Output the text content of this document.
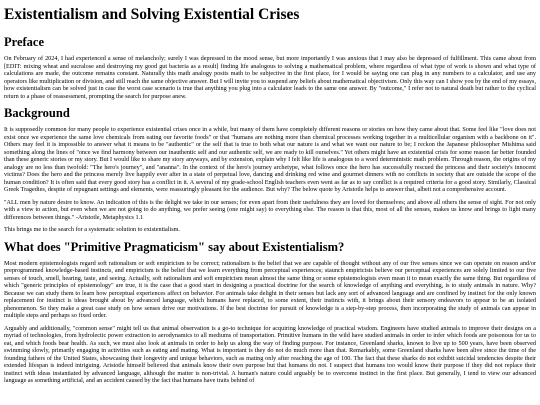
Existentialism and Solving Existential Crises
Preface

On February of 2024, I had experienced a sense of melancholy; surely I was depressed in the mood sense, but more importantly I was anxious that I may also be depressed of fulfillment. This came about from [EDIT: mixing wheat and sucralose and destroying my good gut bacteria as a result] finding life analogous to solving a mathematical problem, where regardless of what type of work is shown and what type of calculations are made, the outcome remains constant. Naturally this math analogy posits math to be subjective in the first place, for I would be saying one can plug in any numbers to a calculator, and use any operators like multiplication or division, and still reach the same objective answer. But I will invite you to suspend any beliefs about mathematical objectivism. Only this way can I show you by the end of my essays, how existentialism can be solved just in case the worst case scenario is true that anything you plug into a calculator leads to the same one answer. By "outcome," I refer not to natural death but rather to the cyclical return to a phase of reassessment, prompting the search for purpose anew.

Background

It is supposedly common for many people to experience existential crises once in a while, but many of them have completely different reasons or stories on how they came about that. Some feel like "love does not exist once we experience the same love chemicals from eating our favorite foods" or that "humans are nothing more than chemical processes working together in a multicellular organism with a backbone on it". Others may feel it is impossible to answer what it means to be "authentic" or the self that is true to both what our nature is and what we want our nature to be; I reckon the Japanese philosopher Mishima said something along the lines of "once we find harmony between our inauthentic self and our authentic self, we are ready to kill ourselves." Yet others might have an existential crisis for some reason far better founded than these generic stories or my story. But I would like to share my story anyways, and by extension, explain why I felt like life is analogous to a word deterministic math problem. Through reason, the origins of my analogy are no less than twofold: "The hero's journey", and "ananna". In the context of the hero's journey archetype, what follows once the hero has successfully rescued the princess and their society's innocent victims? Does the hero and the princess merely live happily ever after in a state of perpetual love, dancing and drinking red wine and gourmet dinners with no conflicts in society that are outside the scope of the human condition? It is often said that every good story has a conflict in it. A several of my grade-school English teachers even went as far as to say conflict is a required criteria for a good story. Similarly, Classical Greek Tragedies, despite of repugnant settings and elements, were reassuringly pleasant for the audience. But why? The below quote by Aristotle helps to answer that, albeit not a comprehensive account.

"ALL men by nature desire to know. An indication of this is the delight we take in our senses; for even apart from their usefulness they are loved for themselves; and above all others the sense of sight. For not only with a view to action, but even when we are not going to do anything, we prefer seeing (one might say) to everything else. The reason is that this, most of all the senses, makes us know and brings to light many differences between things." -Aristotle, Metaphysics 1.1

This brings me to the search for a systematic solution to existentialism.

What does "Primitive Pragmaticism" say about Existentialism?

Most modern epistemologists regard soft rationalism or soft empiricism to be correct; rationalism is the belief that we are capable of thought without any of our five senses since we can operate on reason and/or preprogrammed knowledge-based instincts, and empiricism is the belief that we learn everything from perceptual experiences; staunch empiricists believe our perceptual experiences are solely limited to our five senses of touch, smell, hearing, taste, and seeing. Actually, soft rationalism and soft empiricism mean almost the same thing or some epistemologists even mean it to mean exactly the same thing. But regardless of which "generic principles of epistemology" are true, it is the case that a good start in designing a practical doctrine for the search of knowledge of anything and everything, is to study animals in nature. Why? Because we can study them to learn how perceptual experiences affect on behavior. For animals take delight in their senses but lack any sort of advanced language and are confined by instinct for the only known replacement for instinct is ideas brought about by advanced language, which humans have replaced, to some extent, their instincts with, it brings about their sensory endeavors to appear to be an isolated phenomenon. So they make a great case study on how senses drive our motivations. If the best doctrine for pursuit of knowledge is a step-by-step process, then incorporating the study of animals can appear in multiple steps and perhaps so fixed order.

Arguably and additionally, "common sense" might tell us that animal observation is a go-to technique for acquiring knowledge of practical wisdom. Engineers have studied animals to improve their designs on a myriad of technologies, from hydrolectic power extraction to aerodynamics to all mediums of transportation. Primitive humans in the wild have studied animals in order to infer which foods are poisonous for us to eat, and which foods bear health. As such, we must also look at animals in order to help us along the way of finding purpose. For instance, Greenland sharks, known to live up to 500 years, have been observed swimming slowly, primarily engaging in activities such as eating and mating. What is important is they do not do much more than that. Remarkably, some Greenland sharks have been alive since the time of the founding fathers of the United States, showcasing their longevity and unique behaviors, such as mating only after reaching the age of 100. The fact that these sharks do not exhibit suicidal tendencies despite their extended lifespan is indeed intriguing. Aristotle himself believed that animals know their own purpose but that humans do not. I suspect that humans too would know their purpose if they did not replace their instinct with ideas instantiated by advanced language, although the matter is non-trivial. A human's nature could arguably be to overcome instinct in the first place. But generally, I tend to view our advanced language as something artificial, and an accident caused by the fact that humans have traits behind of
